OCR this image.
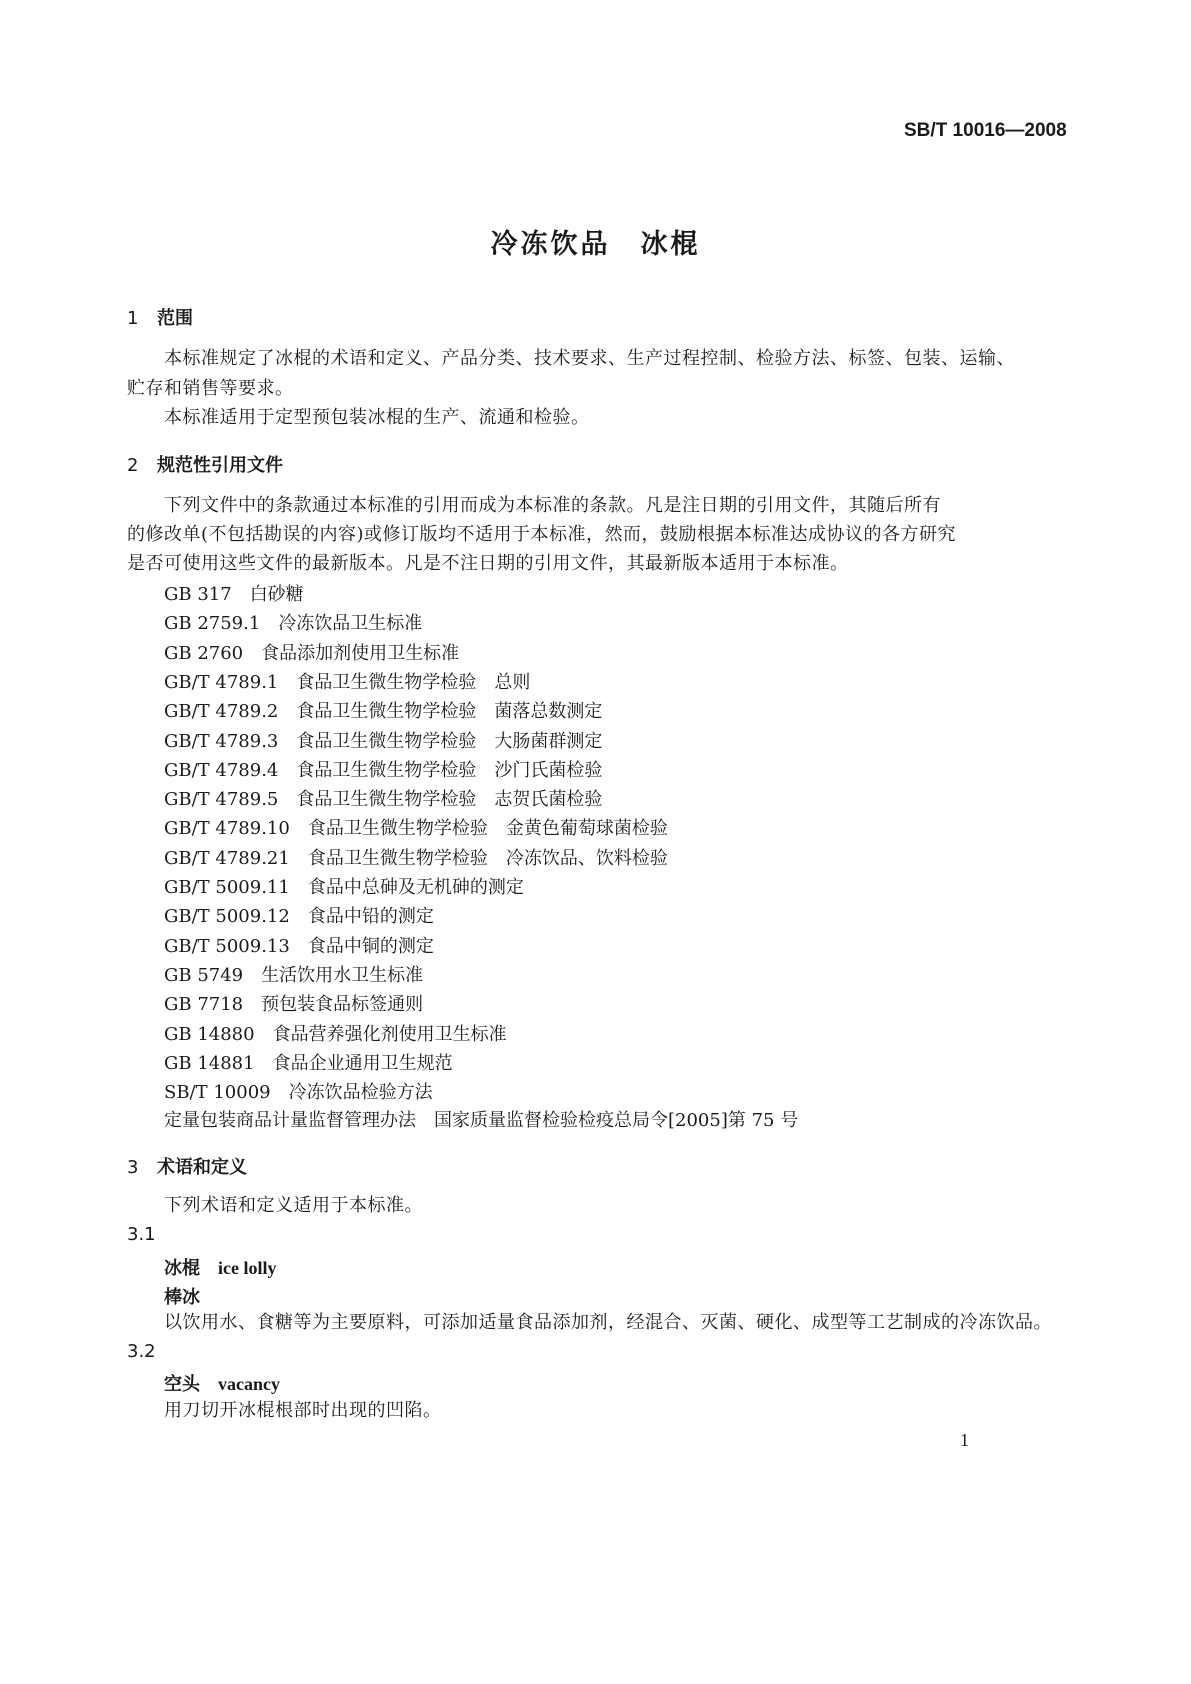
SB/T 10016—2008
冷冻饮品　冰棍
1 范围
本标准规定了冰棍的术语和定义、产品分类、技术要求、生产过程控制、检验方法、标签、包装、运输、
贮存和销售等要求。
本标准适用于定型预包装冰棍的生产、流通和检验。
2 规范性引用文件
下列文件中的条款通过本标准的引用而成为本标准的条款。凡是注日期的引用文件，其随后所有
的修改单(不包括勘误的内容)或修订版均不适用于本标准，然而，鼓励根据本标准达成协议的各方研究
是否可使用这些文件的最新版本。凡是不注日期的引用文件，其最新版本适用于本标准。
GB 317 白砂糖
GB 2759.1 冷冻饮品卫生标准
GB 2760 食品添加剂使用卫生标准
GB/T 4789.1 食品卫生微生物学检验　总则
GB/T 4789.2 食品卫生微生物学检验　菌落总数测定
GB/T 4789.3 食品卫生微生物学检验　大肠菌群测定
GB/T 4789.4 食品卫生微生物学检验　沙门氏菌检验
GB/T 4789.5 食品卫生微生物学检验　志贺氏菌检验
GB/T 4789.10 食品卫生微生物学检验　金黄色葡萄球菌检验
GB/T 4789.21 食品卫生微生物学检验　冷冻饮品、饮料检验
GB/T 5009.11 食品中总砷及无机砷的测定
GB/T 5009.12 食品中铅的测定
GB/T 5009.13 食品中铜的测定
GB 5749 生活饮用水卫生标准
GB 7718 预包装食品标签通则
GB 14880 食品营养强化剂使用卫生标准
GB 14881 食品企业通用卫生规范
SB/T 10009 冷冻饮品检验方法
定量包装商品计量监督管理办法　国家质量监督检验检疫总局令[2005]第 75 号
3 术语和定义
下列术语和定义适用于本标准。
3.1
冰棍 ice lolly
棒冰
以饮用水、食糖等为主要原料，可添加适量食品添加剂，经混合、灭菌、硬化、成型等工艺制成的冷冻饮品。
3.2
空头 vacancy
用刀切开冰棍根部时出现的凹陷。
1
